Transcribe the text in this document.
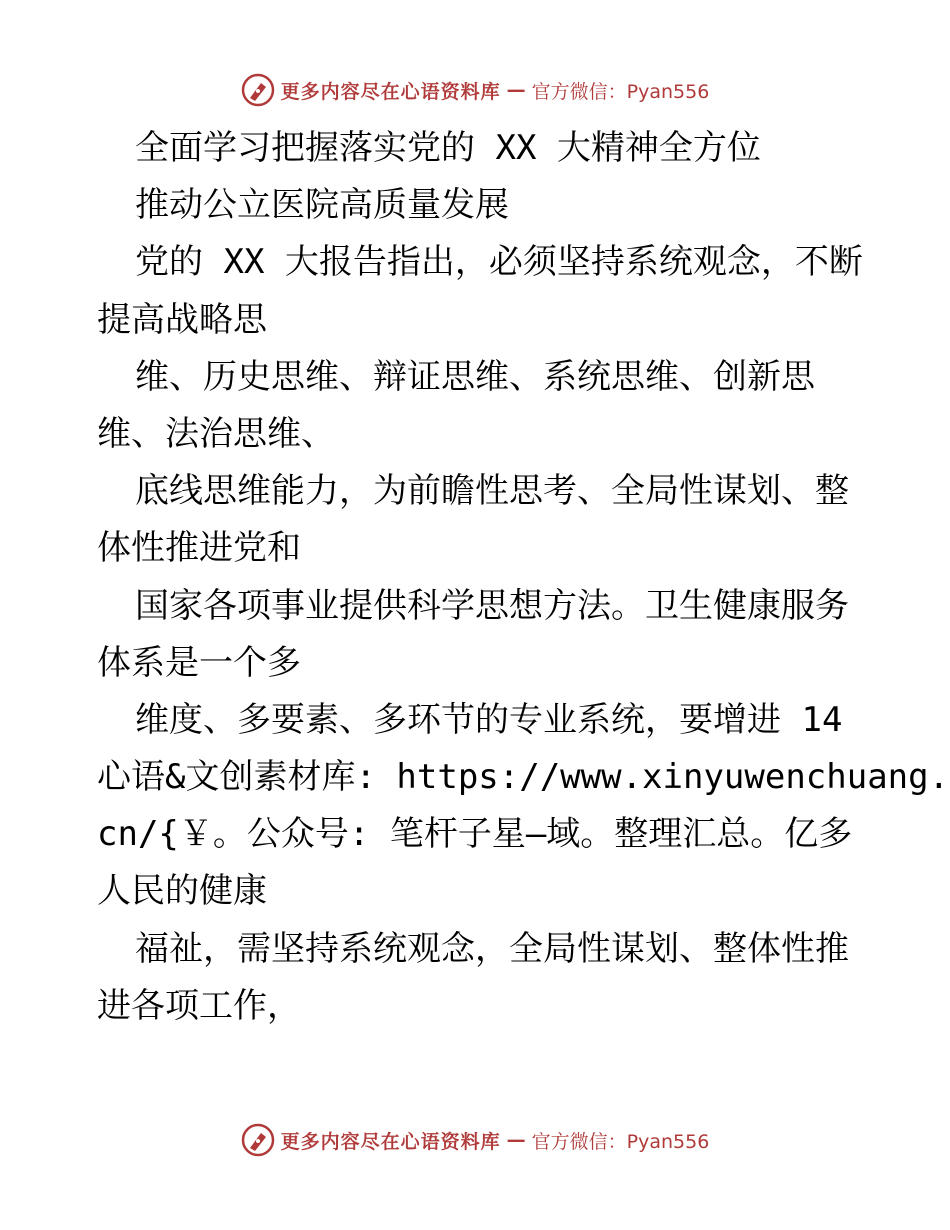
更多内容尽在心语资料库 — 官方微信：Pyan556
全面学习把握落实党的 XX 大精神全方位
推动公立医院高质量发展
党的 XX 大报告指出，必须坚持系统观念，不断
提高战略思
维、历史思维、辩证思维、系统思维、创新思
维、法治思维、
底线思维能力，为前瞻性思考、全局性谋划、整
体性推进党和
国家各项事业提供科学思想方法。卫生健康服务
体系是一个多
维度、多要素、多环节的专业系统，要增进 14
心语&文创素材库: https://www.xinyuwenchuang.
cn/{￥。公众号: 笔杆子星—域。整理汇总。亿多
人民的健康
福祉，需坚持系统观念，全局性谋划、整体性推
进各项工作，
更多内容尽在心语资料库 — 官方微信：Pyan556
